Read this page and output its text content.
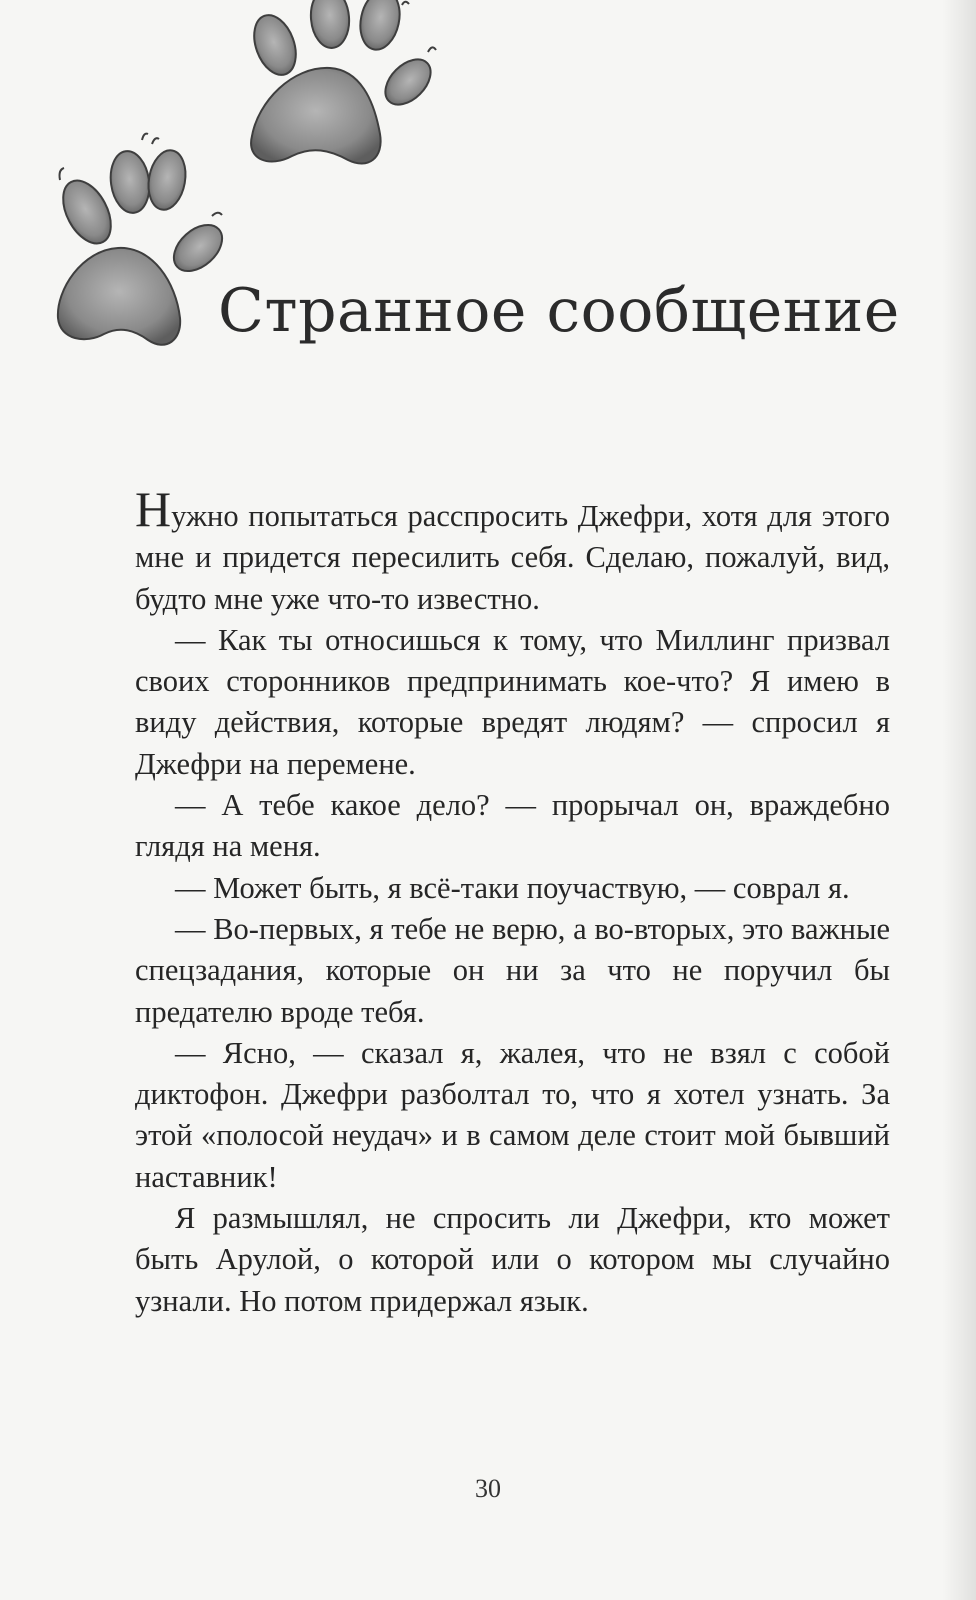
Странное сообщение

Нужно попытаться расспросить Джефри, хотя для этого мне и придется пересилить себя. Сделаю, пожалуй, вид, будто мне уже что-то известно.

— Как ты относишься к тому, что Миллинг призвал своих сторонников предпринимать кое-что? Я имею в виду действия, которые вредят людям? — спросил я Джефри на перемене.

— А тебе какое дело? — прорычал он, враждебно глядя на меня.

— Может быть, я всё-таки поучаствую, — соврал я.

— Во-первых, я тебе не верю, а во-вторых, это важные спецзадания, которые он ни за что не поручил бы предателю вроде тебя.

— Ясно, — сказал я, жалея, что не взял с собой диктофон. Джефри разболтал то, что я хотел узнать. За этой «полосой неудач» и в самом деле стоит мой бывший наставник!

Я размышлял, не спросить ли Джефри, кто может быть Арулой, о которой или о котором мы случайно узнали. Но потом придержал язык.

30
